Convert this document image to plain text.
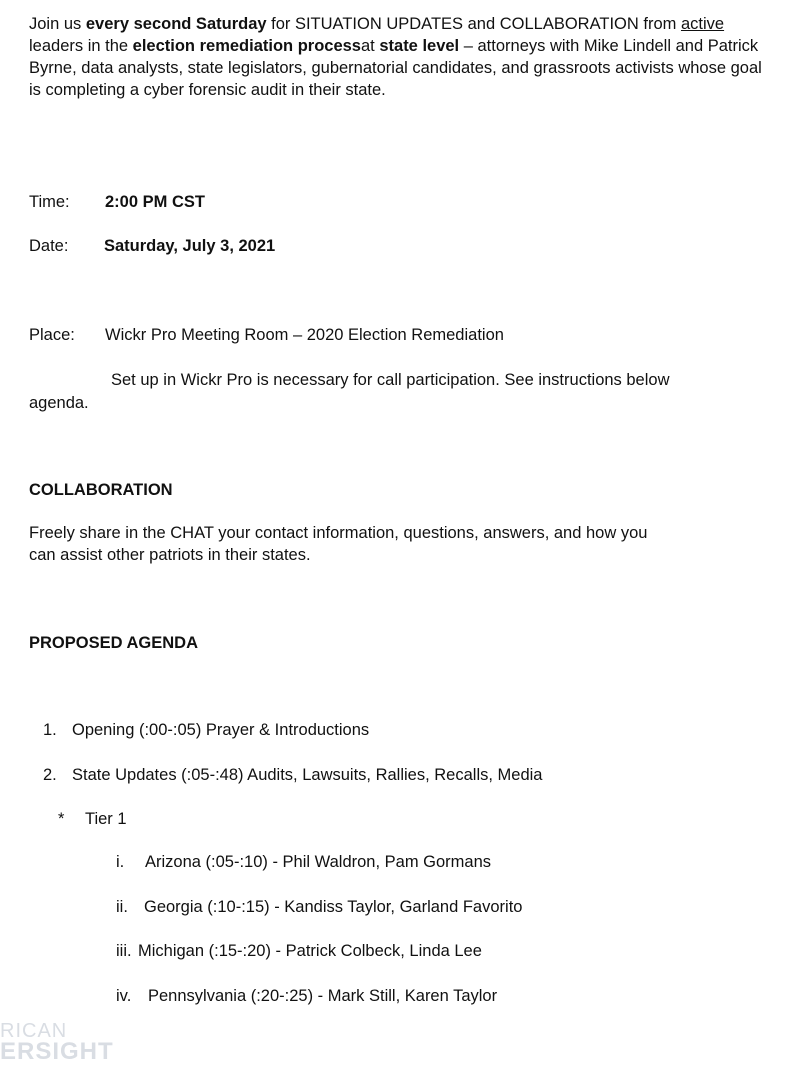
Join us every second Saturday for SITUATION UPDATES and COLLABORATION from active leaders in the election remediation processat state level – attorneys with Mike Lindell and Patrick Byrne, data analysts, state legislators, gubernatorial candidates, and grassroots activists whose goal is completing a cyber forensic audit in their state.

Time: 2:00 PM CST
Date: Saturday, July 3, 2021
Place: Wickr Pro Meeting Room – 2020 Election Remediation
Set up in Wickr Pro is necessary for call participation. See instructions below
agenda.
COLLABORATION
Freely share in the CHAT your contact information, questions, answers, and how you
can assist other patriots in their states.
PROPOSED AGENDA
1. Opening (:00-:05) Prayer & Introductions
2. State Updates (:05-:48) Audits, Lawsuits, Rallies, Recalls, Media
* Tier 1
i. Arizona (:05-:10) - Phil Waldron, Pam Gormans
ii. Georgia (:10-:15) - Kandiss Taylor, Garland Favorito
iii. Michigan (:15-:20) - Patrick Colbeck, Linda Lee
iv. Pennsylvania (:20-:25) - Mark Still, Karen Taylor
RICAN
ERSIGHT
